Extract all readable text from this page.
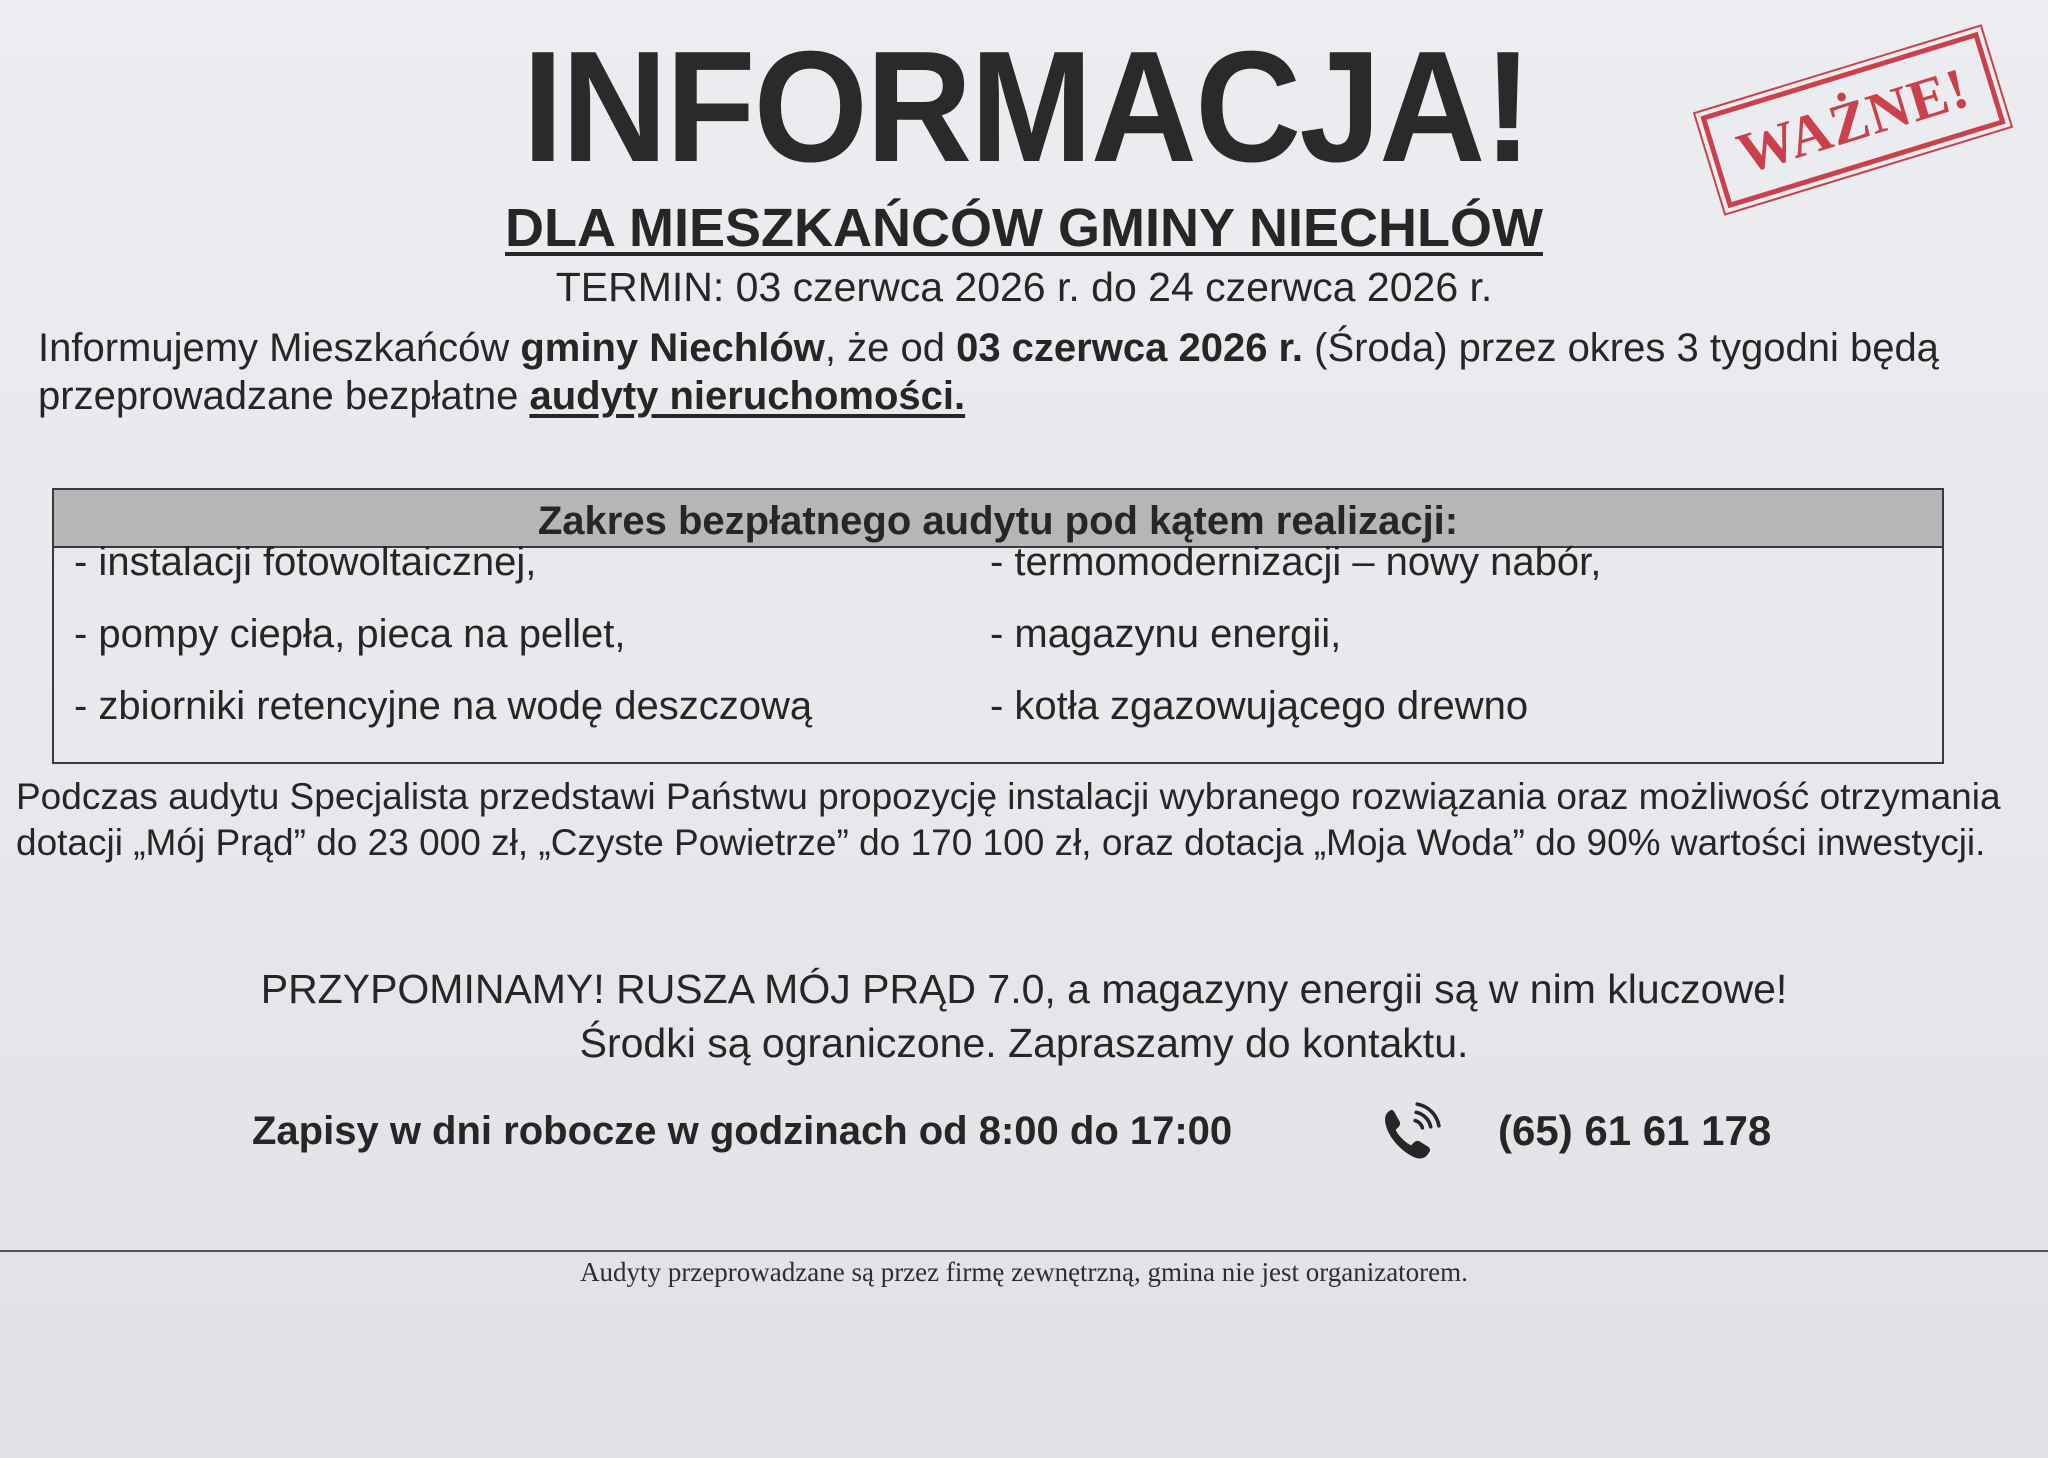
INFORMACJA!	WAŻNE!
DLA MIESZKAŃCÓW GMINY NIECHLÓW
TERMIN: 03 czerwca 2026 r. do 24 czerwca 2026 r.
Informujemy Mieszkańców gminy Niechlów, że od 03 czerwca 2026 r. (Środa) przez okres 3 tygodni będą przeprowadzane bezpłatne audyty nieruchomości.
Zakres bezpłatnego audytu pod kątem realizacji:
- instalacji fotowoltaicznej,
- pompy ciepła, pieca na pellet,
- zbiorniki retencyjne na wodę deszczową
- termomodernizacji – nowy nabór,
- magazynu energii,
- kotła zgazowującego drewno
Podczas audytu Specjalista przedstawi Państwu propozycję instalacji wybranego rozwiązania oraz możliwość otrzymania dotacji „Mój Prąd” do 23 000 zł, „Czyste Powietrze” do 170 100 zł, oraz dotacja „Moja Woda” do 90% wartości inwestycji.
PRZYPOMINAMY! RUSZA MÓJ PRĄD 7.0, a magazyny energii są w nim kluczowe!
Środki są ograniczone. Zapraszamy do kontaktu.
Zapisy w dni robocze w godzinach od 8:00 do 17:00	(65) 61 61 178
Audyty przeprowadzane są przez firmę zewnętrzną, gmina nie jest organizatorem.
